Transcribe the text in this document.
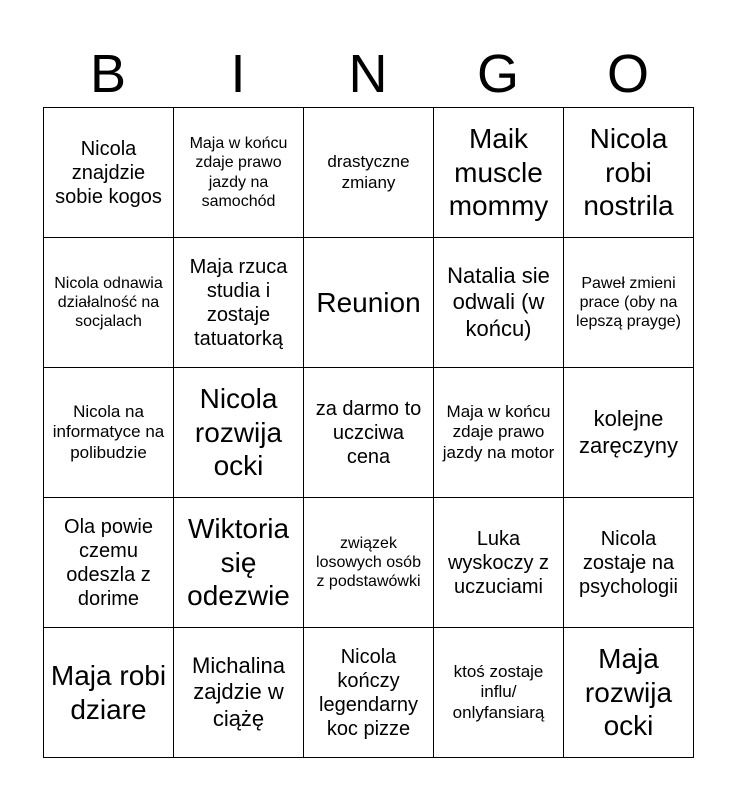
B	I	N	G	O
Nicola znajdzie sobie kogos	Maja w końcu zdaje prawo jazdy na samochód	drastyczne zmiany	Maik muscle mommy	Nicola robi nostrila
Nicola odnawia działalność na socjalach	Maja rzuca studia i zostaje tatuatorką	Reunion	Natalia sie odwali (w końcu)	Paweł zmieni prace (oby na lepszą prayge)
Nicola na informatyce na polibudzie	Nicola rozwija ocki	za darmo to uczciwa cena	Maja w końcu zdaje prawo jazdy na motor	kolejne zaręczyny
Ola powie czemu odeszla z dorime	Wiktoria się odezwie	związek losowych osób z podstawówki	Luka wyskoczy z uczuciami	Nicola zostaje na psychologii
Maja robi dziare	Michalina zajdzie w ciążę	Nicola kończy legendarny koc pizze	ktoś zostaje influ/ onlyfansiarą	Maja rozwija ocki
